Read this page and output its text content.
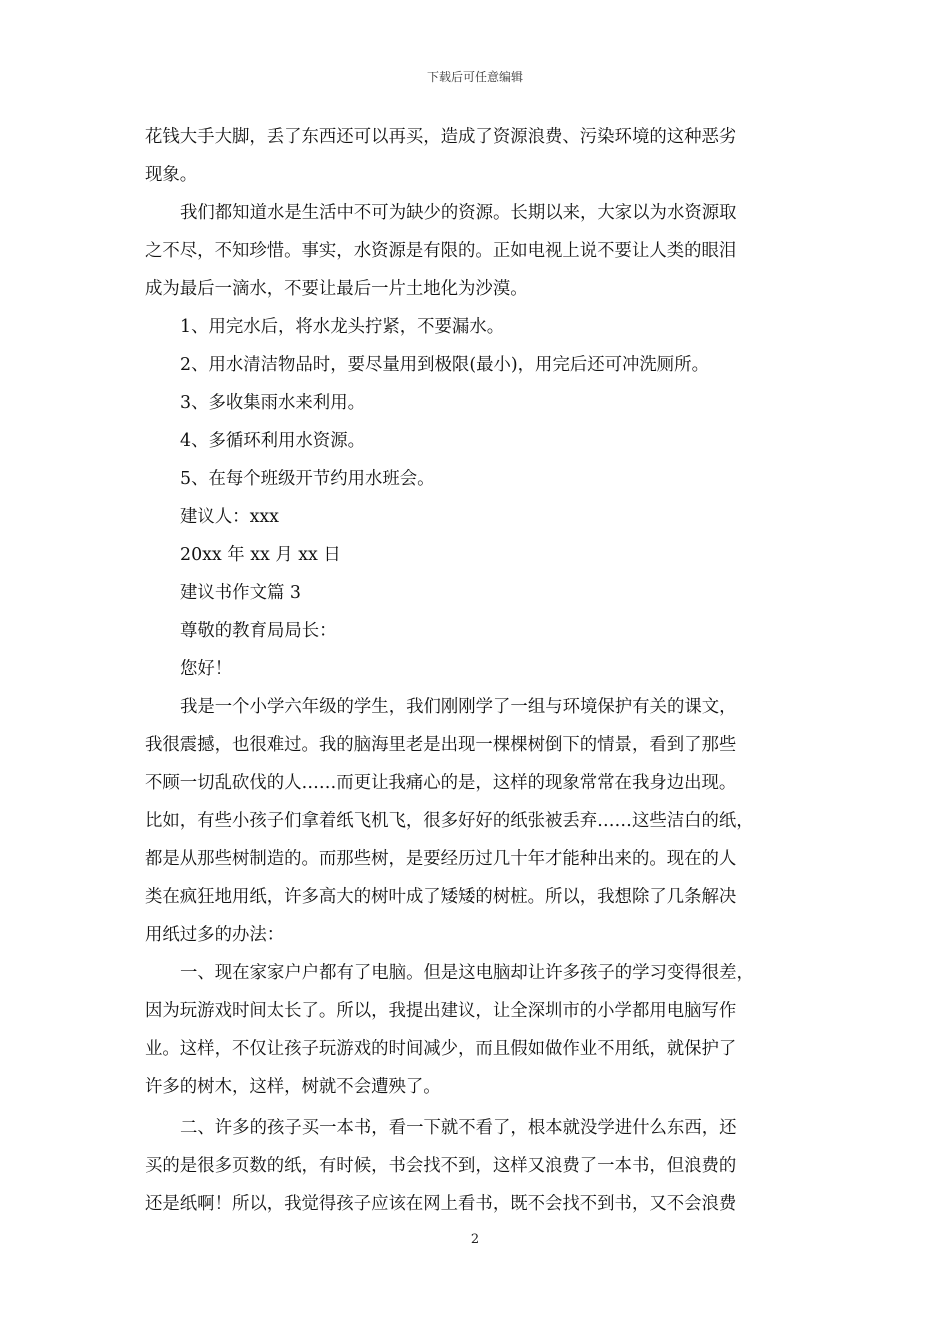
下载后可任意编辑
花钱大手大脚，丢了东西还可以再买，造成了资源浪费、污染环境的这种恶劣
现象。
我们都知道水是生活中不可为缺少的资源。长期以来，大家以为水资源取
之不尽，不知珍惜。事实，水资源是有限的。正如电视上说不要让人类的眼泪
成为最后一滴水，不要让最后一片土地化为沙漠。
1、用完水后，将水龙头拧紧，不要漏水。
2、用水清洁物品时，要尽量用到极限(最小)，用完后还可冲洗厕所。
3、多收集雨水来利用。
4、多循环利用水资源。
5、在每个班级开节约用水班会。
建议人：xxx
20xx 年 xx 月 xx 日
建议书作文篇 3
尊敬的教育局局长：
您好！
我是一个小学六年级的学生，我们刚刚学了一组与环境保护有关的课文，
我很震撼，也很难过。我的脑海里老是出现一棵棵树倒下的情景，看到了那些
不顾一切乱砍伐的人……而更让我痛心的是，这样的现象常常在我身边出现。
比如，有些小孩子们拿着纸飞机飞，很多好好的纸张被丢弃……这些洁白的纸，
都是从那些树制造的。而那些树，是要经历过几十年才能种出来的。现在的人
类在疯狂地用纸，许多高大的树叶成了矮矮的树桩。所以，我想除了几条解决
用纸过多的办法：
一、现在家家户户都有了电脑。但是这电脑却让许多孩子的学习变得很差，
因为玩游戏时间太长了。所以，我提出建议，让全深圳市的小学都用电脑写作
业。这样，不仅让孩子玩游戏的时间减少，而且假如做作业不用纸，就保护了
许多的树木，这样，树就不会遭殃了。
二、许多的孩子买一本书，看一下就不看了，根本就没学进什么东西，还
买的是很多页数的纸，有时候，书会找不到，这样又浪费了一本书，但浪费的
还是纸啊！所以，我觉得孩子应该在网上看书，既不会找不到书，又不会浪费
2
